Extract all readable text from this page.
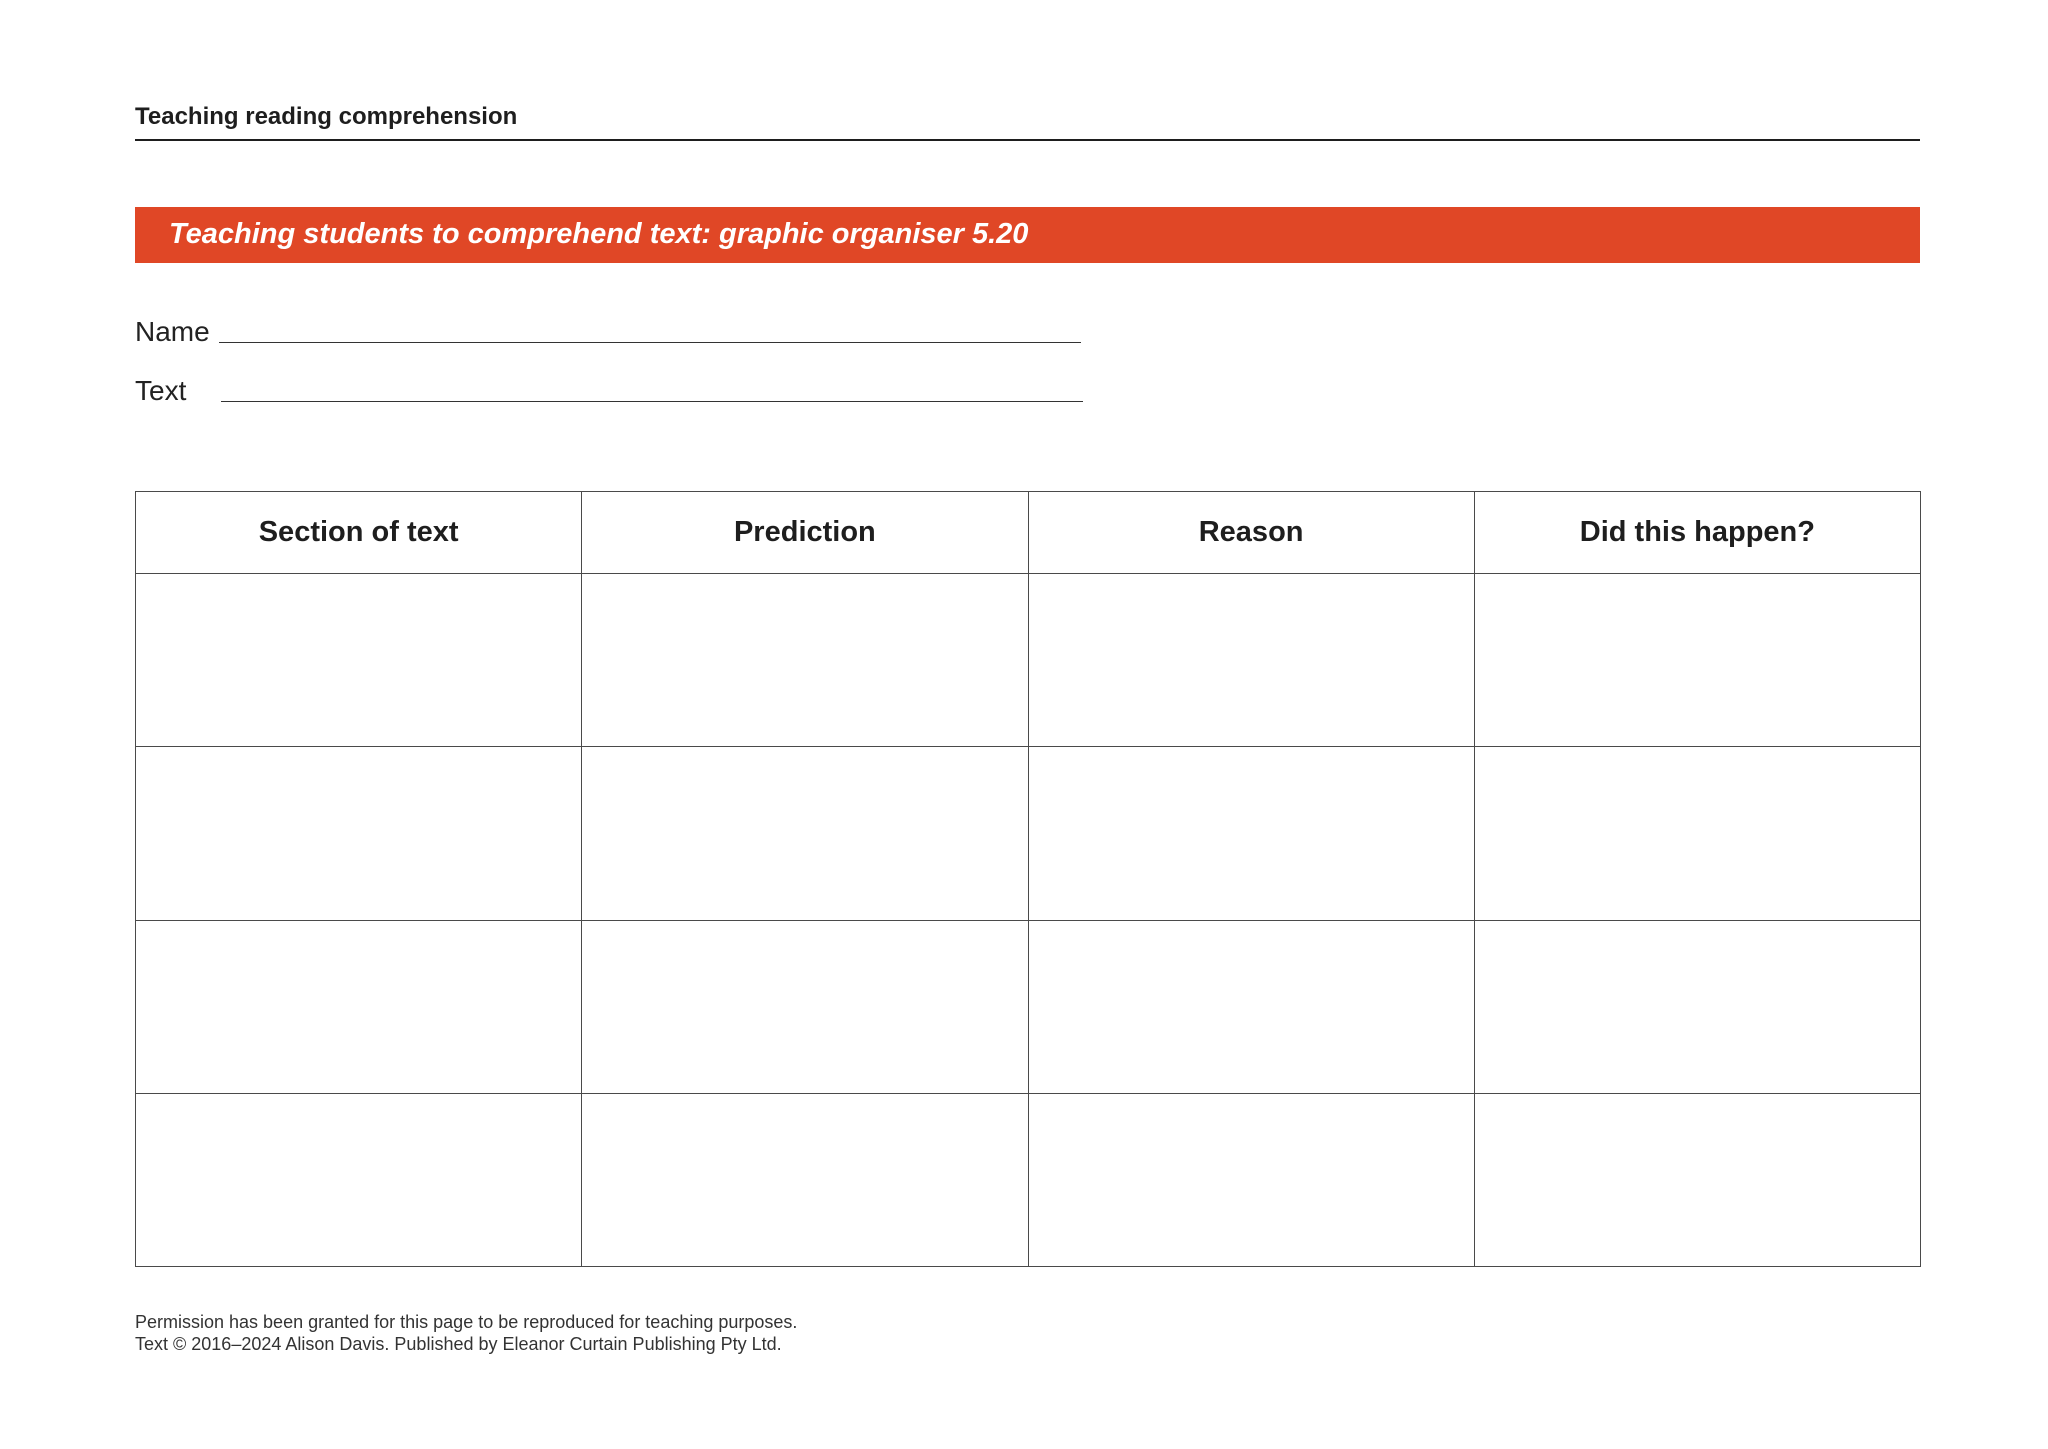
Teaching reading comprehension
Teaching students to comprehend text: graphic organiser 5.20
Name
Text
Section of text	Prediction	Reason	Did this happen?

Permission has been granted for this page to be reproduced for teaching purposes.
Text © 2016–2024 Alison Davis. Published by Eleanor Curtain Publishing Pty Ltd.
